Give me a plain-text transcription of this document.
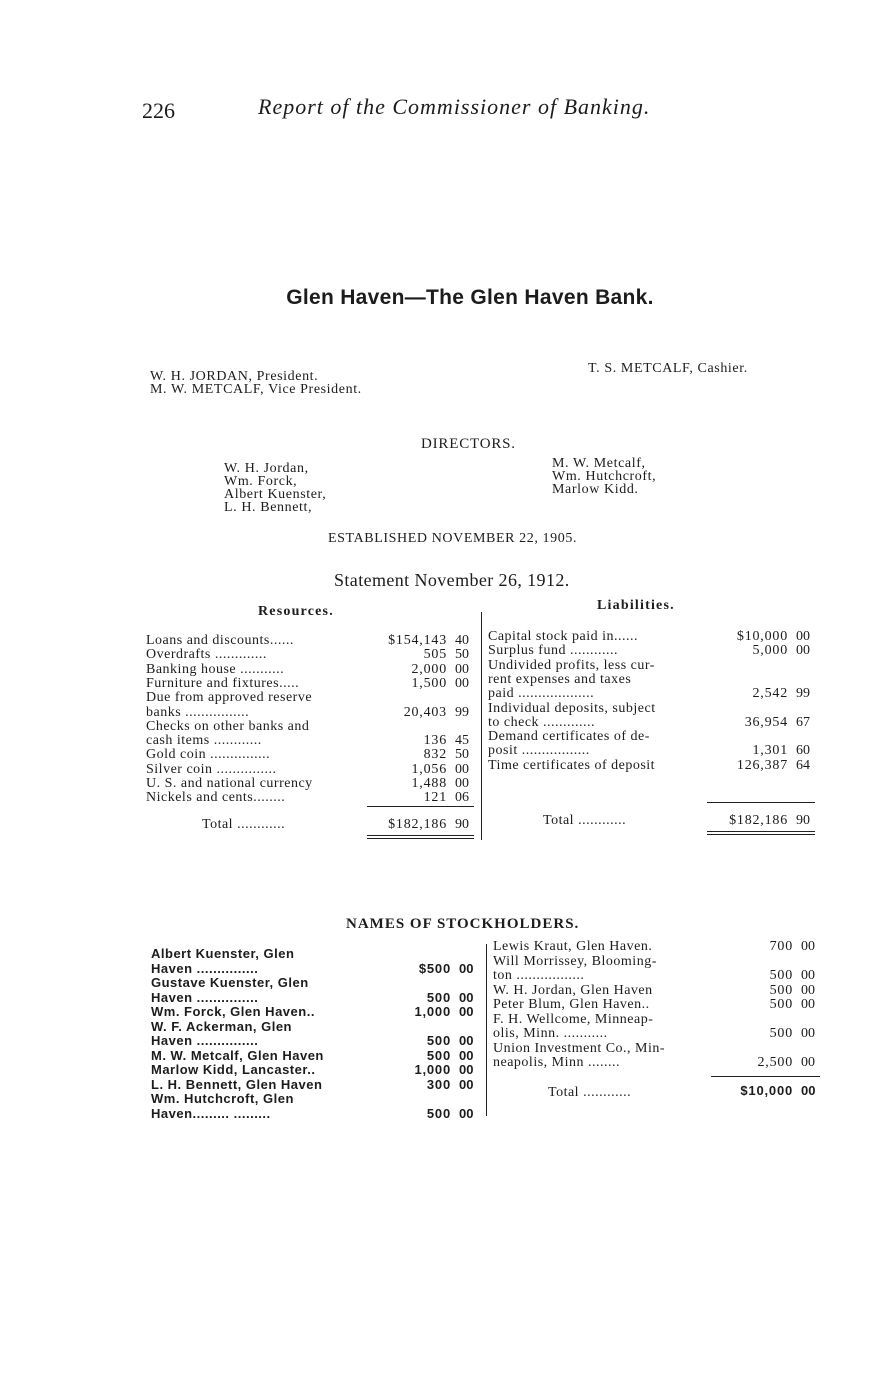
226	Report of the Commissioner of Banking.
Glen Haven—The Glen Haven Bank.
W. H. JORDAN, President.
M. W. METCALF, Vice President.
T. S. METCALF, Cashier.
DIRECTORS.
W. H. Jordan,
Wm. Forck,
Albert Kuenster,
L. H. Bennett,
M. W. Metcalf,
Wm. Hutchcroft,
Marlow Kidd.
ESTABLISHED NOVEMBER 22, 1905.
Statement November 26, 1912.
Resources.	Liabilities.
Loans and discounts......	$154,143 40
Overdrafts .............	505 50
Banking house ...........	2,000 00
Furniture and fixtures.....	1,500 00
Due from approved reserve
banks ................	20,403 99
Checks on other banks and
cash items ............	136 45
Gold coin ...............	832 50
Silver coin ...............	1,056 00
U. S. and national currency	1,488 00
Nickels and cents........	121 06
Total ............	$182,186 90
Capital stock paid in......	$10,000 00
Surplus fund ............	5,000 00
Undivided profits, less cur-
rent expenses and taxes
paid ...................	2,542 99
Individual deposits, subject
to check .............	36,954 67
Demand certificates of de-
posit .................	1,301 60
Time certificates of deposit	126,387 64
Total ............	$182,186 90
NAMES OF STOCKHOLDERS.
Albert Kuenster, Glen
Haven ...............	$500 00
Gustave Kuenster, Glen
Haven ...............	500 00
Wm. Forck, Glen Haven..	1,000 00
W. F. Ackerman, Glen
Haven ...............	500 00
M. W. Metcalf, Glen Haven	500 00
Marlow Kidd, Lancaster..	1,000 00
L. H. Bennett, Glen Haven	300 00
Wm. Hutchcroft, Glen
Haven......... .........	500 00
Lewis Kraut, Glen Haven.	700 00
Will Morrissey, Blooming-
ton .................	500 00
W. H. Jordan, Glen Haven	500 00
Peter Blum, Glen Haven..	500 00
F. H. Wellcome, Minneap-
olis, Minn. ...........	500 00
Union Investment Co., Min-
neapolis, Minn ........	2,500 00
Total ............	$10,000 00
